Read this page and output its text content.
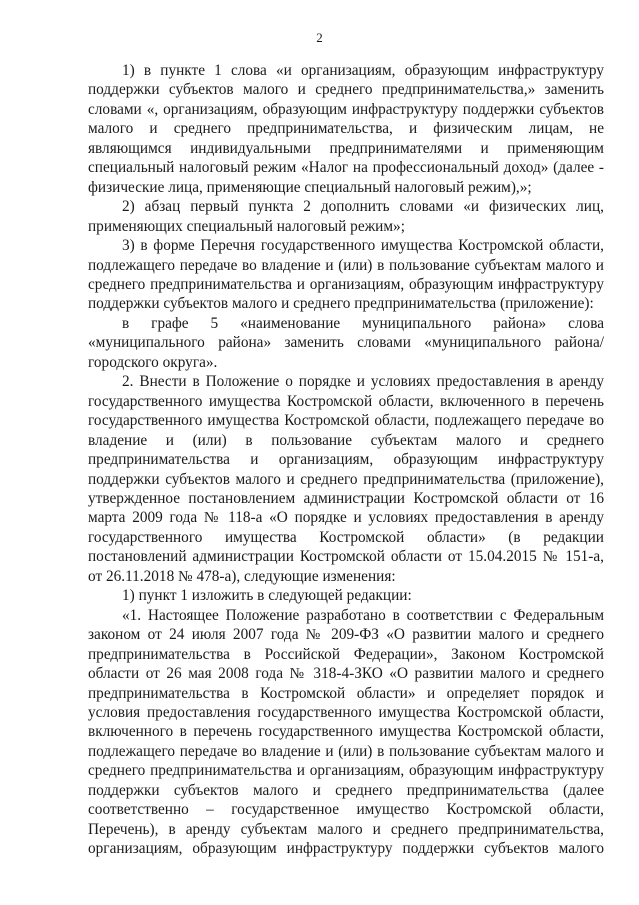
2

1) в пункте 1 слова «и организациям, образующим инфраструктуру поддержки субъектов малого и среднего предпринимательства,» заменить словами «, организациям, образующим инфраструктуру поддержки субъектов малого и среднего предпринимательства, и физическим лицам, не являющимся индивидуальными предпринимателями и применяющим специальный налоговый режим «Налог на профессиональный доход» (далее - физические лица, применяющие специальный налоговый режим),»;

2) абзац первый пункта 2 дополнить словами «и физических лиц, применяющих специальный налоговый режим»;

3) в форме Перечня государственного имущества Костромской области, подлежащего передаче во владение и (или) в пользование субъектам малого и среднего предпринимательства и организациям, образующим инфраструктуру поддержки субъектов малого и среднего предпринимательства (приложение):

в графе 5 «наименование муниципального района» слова «муниципального района» заменить словами «муниципального района/городского округа».

2. Внести в Положение о порядке и условиях предоставления в аренду государственного имущества Костромской области, включенного в перечень государственного имущества Костромской области, подлежащего передаче во владение и (или) в пользование субъектам малого и среднего предпринимательства и организациям, образующим инфраструктуру поддержки субъектов малого и среднего предпринимательства (приложение), утвержденное постановлением администрации Костромской области от 16 марта 2009 года № 118-а «О порядке и условиях предоставления в аренду государственного имущества Костромской области» (в редакции постановлений администрации Костромской области от 15.04.2015 № 151-а, от 26.11.2018 № 478-а), следующие изменения:

1) пункт 1 изложить в следующей редакции:

«1. Настоящее Положение разработано в соответствии с Федеральным законом от 24 июля 2007 года № 209-ФЗ «О развитии малого и среднего предпринимательства в Российской Федерации», Законом Костромской области от 26 мая 2008 года № 318-4-ЗКО «О развитии малого и среднего предпринимательства в Костромской области» и определяет порядок и условия предоставления государственного имущества Костромской области, включенного в перечень государственного имущества Костромской области, подлежащего передаче во владение и (или) в пользование субъектам малого и среднего предпринимательства и организациям, образующим инфраструктуру поддержки субъектов малого и среднего предпринимательства (далее соответственно – государственное имущество Костромской области, Перечень), в аренду субъектам малого и среднего предпринимательства, организациям, образующим инфраструктуру поддержки субъектов малого
